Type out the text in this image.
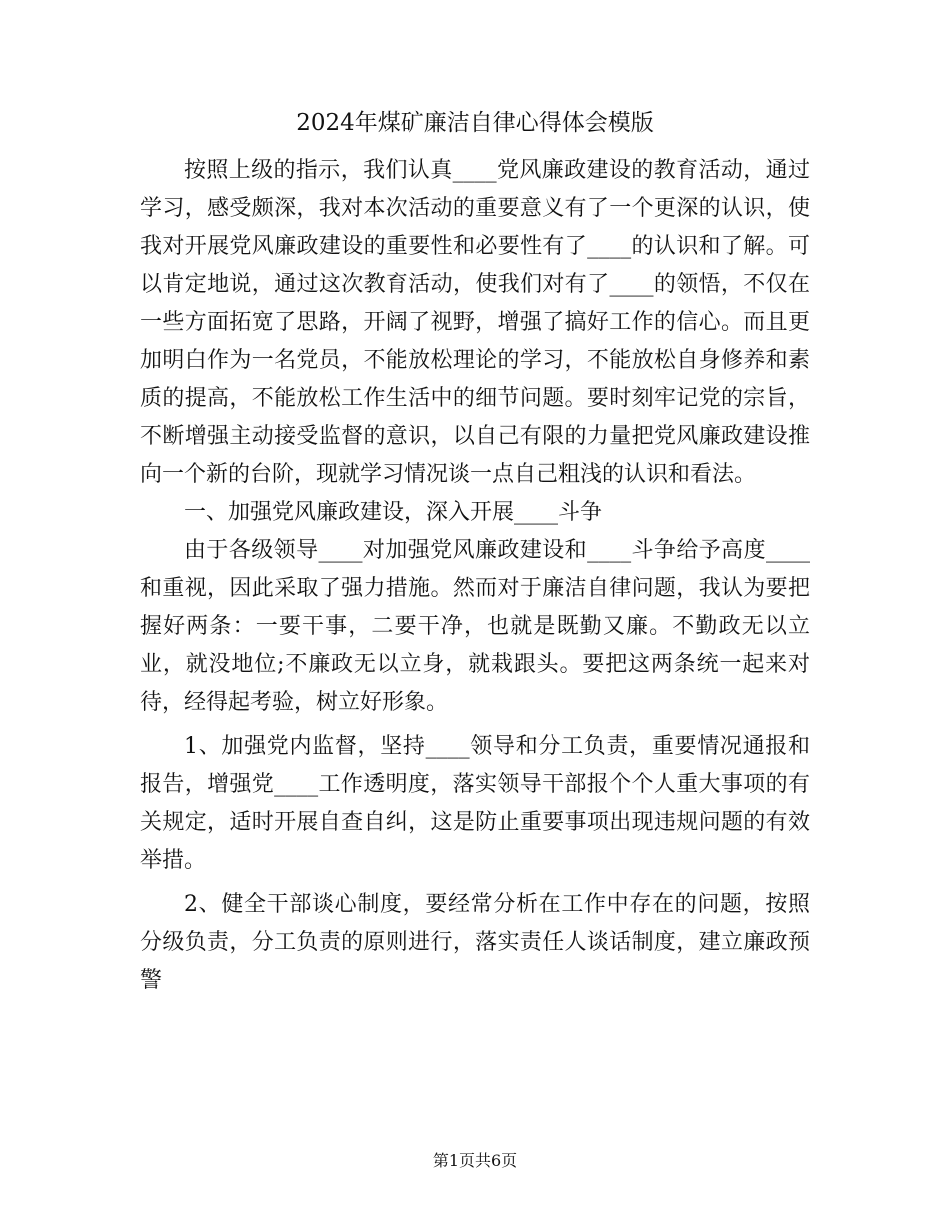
2024年煤矿廉洁自律心得体会模版

按照上级的指示，我们认真____党风廉政建设的教育活动，通过学习，感受颇深，我对本次活动的重要意义有了一个更深的认识，使我对开展党风廉政建设的重要性和必要性有了____的认识和了解。可以肯定地说，通过这次教育活动，使我们对有了____的领悟，不仅在一些方面拓宽了思路，开阔了视野，增强了搞好工作的信心。而且更加明白作为一名党员，不能放松理论的学习，不能放松自身修养和素质的提高，不能放松工作生活中的细节问题。要时刻牢记党的宗旨，不断增强主动接受监督的意识，以自己有限的力量把党风廉政建设推向一个新的台阶，现就学习情况谈一点自己粗浅的认识和看法。

一、加强党风廉政建设，深入开展____斗争

由于各级领导____对加强党风廉政建设和____斗争给予高度____和重视，因此采取了强力措施。然而对于廉洁自律问题，我认为要把握好两条：一要干事，二要干净，也就是既勤又廉。不勤政无以立业，就没地位;不廉政无以立身，就栽跟头。要把这两条统一起来对待，经得起考验，树立好形象。

1、加强党内监督，坚持____领导和分工负责，重要情况通报和报告，增强党____工作透明度，落实领导干部报个个人重大事项的有关规定，适时开展自查自纠，这是防止重要事项出现违规问题的有效举措。

2、健全干部谈心制度，要经常分析在工作中存在的问题，按照分级负责，分工负责的原则进行，落实责任人谈话制度，建立廉政预警

第1页共6页
